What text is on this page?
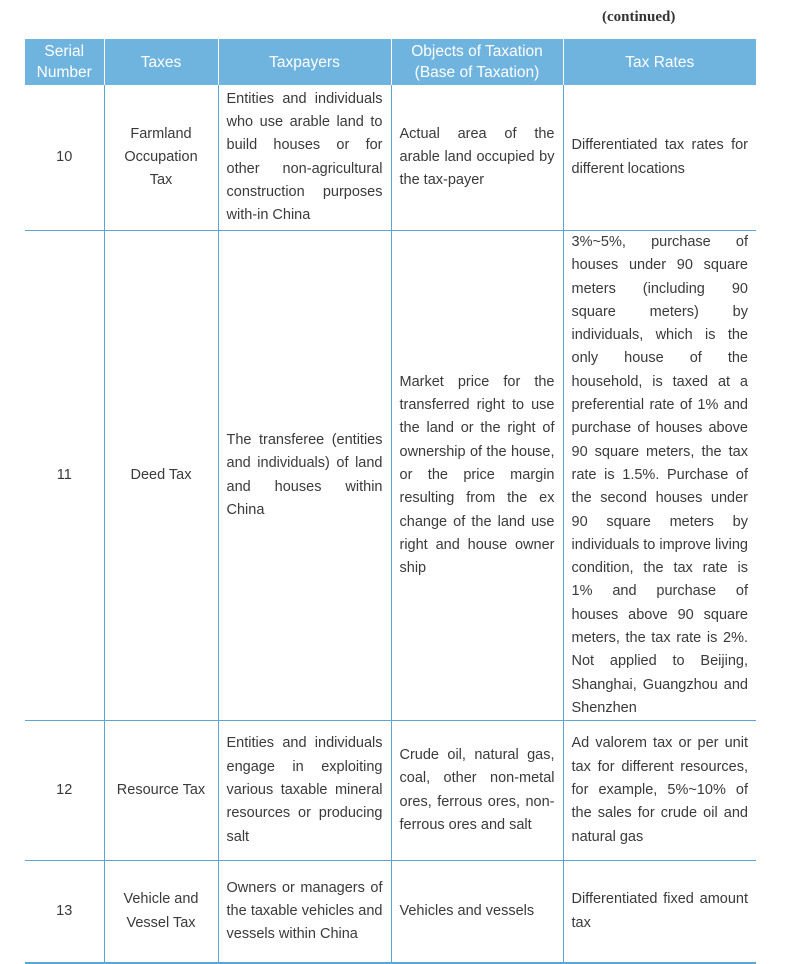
(continued)
Serial Number	Taxes	Taxpayers	Objects of Taxation (Base of Taxation)	Tax Rates
10	Farmland Occupation Tax	Entities and individuals who use arable land to build houses or for other non-agricultural construction purposes with-in China	Actual area of the arable land occupied by the tax-payer	Differentiated tax rates for different locations
11	Deed Tax	The transferee (entities and individuals) of land and houses within China	Market price for the transferred right to use the land or the right of ownership of the house, or the price margin resulting from the ex change of the land use right and house owner ship	3%~5%, purchase of houses under 90 square meters (including 90 square meters) by individuals, which is the only house of the household, is taxed at a preferential rate of 1% and purchase of houses above 90 square meters, the tax rate is 1.5%. Purchase of the second houses under 90 square meters by individuals to improve living condition, the tax rate is 1% and purchase of houses above 90 square meters, the tax rate is 2%. Not applied to Beijing, Shanghai, Guangzhou and Shenzhen
12	Resource Tax	Entities and individuals engage in exploiting various taxable mineral resources or producing salt	Crude oil, natural gas, coal, other non-metal ores, ferrous ores, non-ferrous ores and salt	Ad valorem tax or per unit tax for different resources, for example, 5%~10% of the sales for crude oil and natural gas
13	Vehicle and Vessel Tax	Owners or managers of the taxable vehicles and vessels within China	Vehicles and vessels	Differentiated fixed amount tax
